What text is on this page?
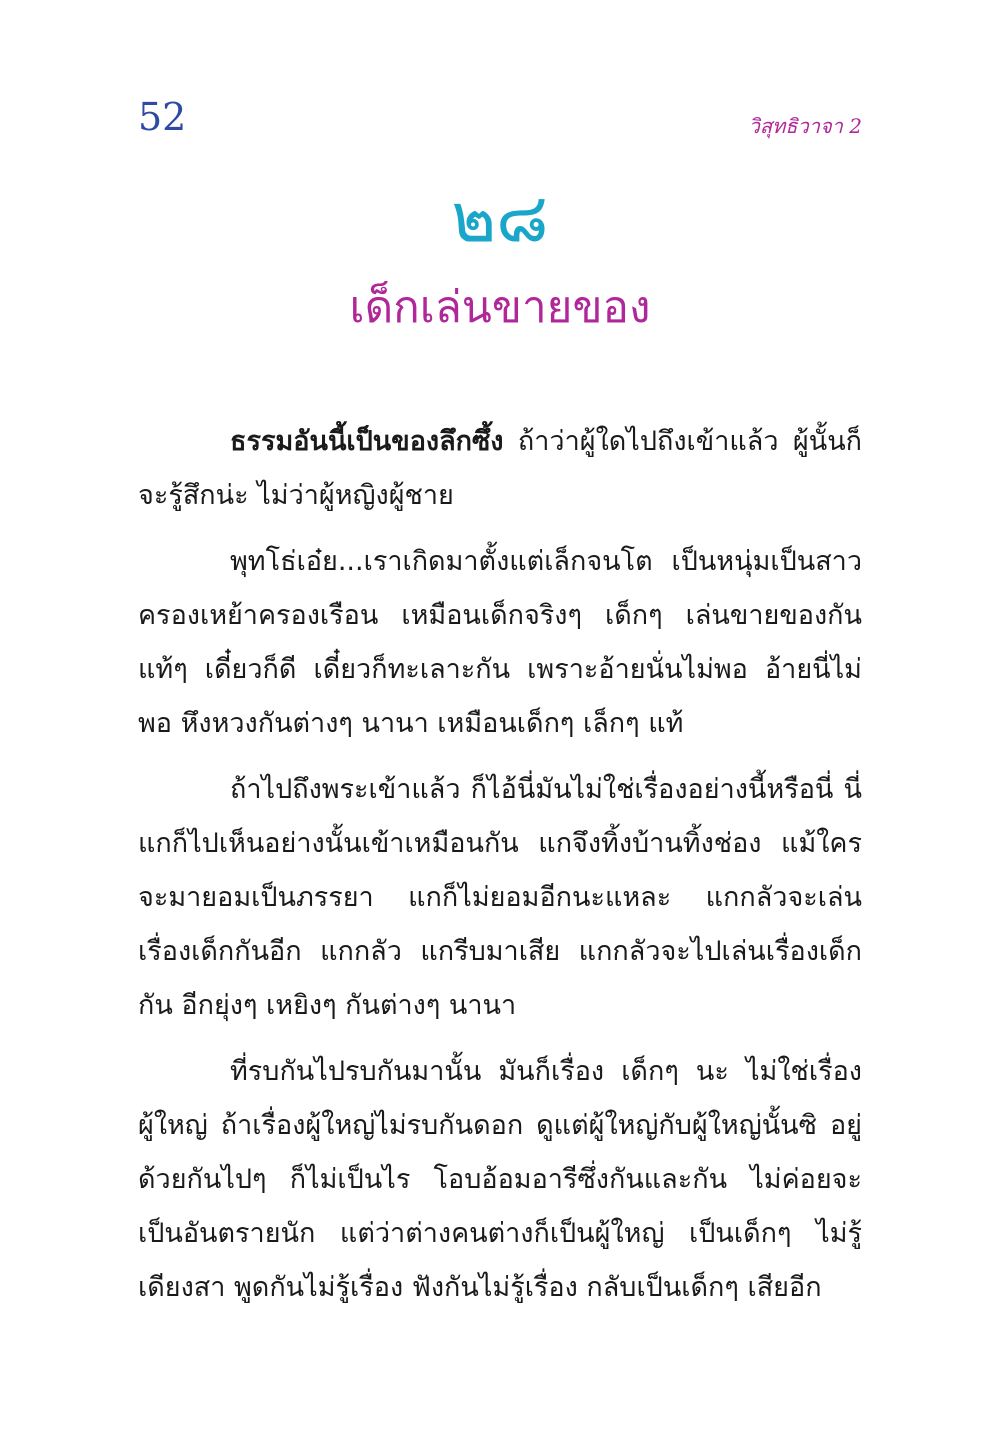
52	วิสุทธิวาจา 2
๒๘
เด็กเล่นขายของ

ธรรมอันนี้เป็นของลึกซึ้ง ถ้าว่าผู้ใดไปถึงเข้าแล้ว ผู้นั้นก็จะรู้สึกน่ะ ไม่ว่าผู้หญิงผู้ชาย

พุทโธ่เอ๋ย...เราเกิดมาตั้งแต่เล็กจนโต เป็นหนุ่มเป็นสาว ครองเหย้าครองเรือน เหมือนเด็กจริงๆ เด็กๆ เล่นขายของกันแท้ๆ เดี๋ยวก็ดี เดี๋ยวก็ทะเลาะกัน เพราะอ้ายนั่นไม่พอ อ้ายนี่ไม่พอ หึงหวงกันต่างๆ นานา เหมือนเด็กๆ เล็กๆ แท้

ถ้าไปถึงพระเข้าแล้ว ก็ไอ้นี่มันไม่ใช่เรื่องอย่างนี้หรือนี่ นี่แกก็ไปเห็นอย่างนั้นเข้าเหมือนกัน แกจึงทิ้งบ้านทิ้งช่อง แม้ใครจะมายอมเป็นภรรยา แกก็ไม่ยอมอีกนะแหละ แกกลัวจะเล่น เรื่องเด็กกันอีก แกกลัว แกรีบมาเสีย แกกลัวจะไปเล่นเรื่องเด็กกัน อีกยุ่งๆ เหยิงๆ กันต่างๆ นานา

ที่รบกันไปรบกันมานั้น มันก็เรื่อง เด็กๆ นะ ไม่ใช่เรื่องผู้ใหญ่ ถ้าเรื่องผู้ใหญ่ไม่รบกันดอก ดูแต่ผู้ใหญ่กับผู้ใหญ่นั้นซิ อยู่ด้วยกันไปๆ ก็ไม่เป็นไร โอบอ้อมอารีซึ่งกันและกัน ไม่ค่อยจะเป็นอันตรายนัก แต่ว่าต่างคนต่างก็เป็นผู้ใหญ่ เป็นเด็กๆ ไม่รู้เดียงสา พูดกันไม่รู้เรื่อง ฟังกันไม่รู้เรื่อง กลับเป็นเด็กๆ เสียอีก
